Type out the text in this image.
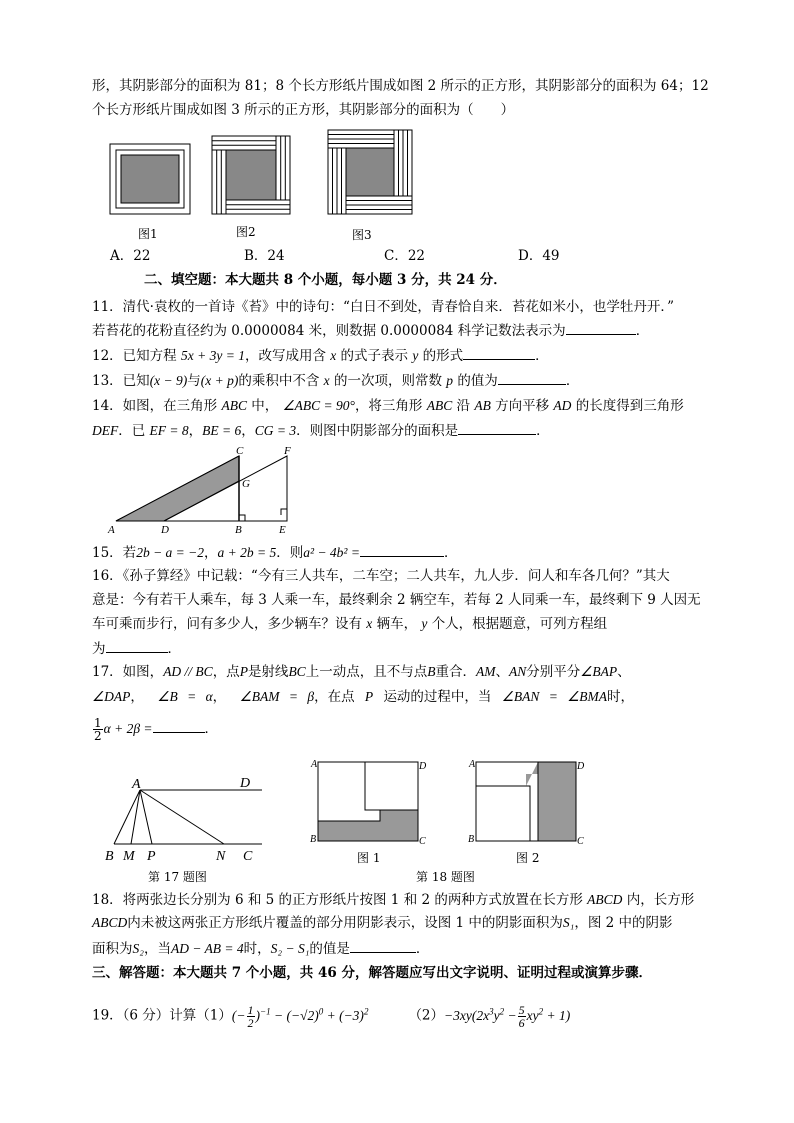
形，其阴影部分的面积为 81；8 个长方形纸片围成如图 2 所示的正方形，其阴影部分的面积为 64；12
个长方形纸片围成如图 3 所示的正方形，其阴影部分的面积为（　　）
图1	图2	图3
A．22	B．24	C．22	D．49
二、填空题：本大题共 8 个小题，每小题 3 分，共 24 分．
11．清代·袁枚的一首诗《苔》中的诗句：“白日不到处，青春恰自来．苔花如米小，也学牡丹开．”
若苔花的花粉直径约为 0.0000084 米，则数据 0.0000084 科学记数法表示为	．
12．已知方程 5x + 3y = 1，改写成用含 x 的式子表示 y 的形式	．
13．已知(x − 9)与(x + p)的乘积中不含 x 的一次项，则常数 p 的值为	．
14．如图，在三角形 ABC 中， ∠ABC = 90°，将三角形 ABC 沿 AB 方向平移 AD 的长度得到三角形
DEF．已 EF = 8，BE = 6，CG = 3．则图中阴影部分的面积是	．
A	D	B	E
C	F
G
15．若2b − a = −2，a + 2b = 5．则a² − 4b² =	．
16．《孙子算经》中记载：“今有三人共车，二车空；二人共车，九人步．问人和车各几何？”其大
意是：今有若干人乘车，每 3 人乘一车，最终剩余 2 辆空车，若每 2 人同乘一车，最终剩下 9 人因无
车可乘而步行，问有多少人，多少辆车？设有 x 辆车， y 个人，根据题意，可列方程组
为	．
17．如图，AD // BC，点P是射线BC上一动点，且不与点B重合．AM、AN分别平分∠BAP、
∠DAP，  ∠B = α，  ∠BAM = β，在点 P 运动的过程中，当 ∠BAN = ∠BMA时，
$\frac{1}{2}$ α + 2β =	．
A	D
B M P	N C
第 17 题图
A	D
B	C
图 1
A	D
B	C
图 2
第 18 题图
18．将两张边长分别为 6 和 5 的正方形纸片按图 1 和 2 的两种方式放置在长方形 ABCD 内，长方形
ABCD内未被这两张正方形纸片覆盖的部分用阴影表示，设图 1 中的阴影面积为S₁，图 2 中的阴影
面积为S₂，当AD − AB = 4时，S₂ − S₁的值是	．
三、解答题：本大题共 7 个小题，共 46 分，解答题应写出文字说明、证明过程或演算步骤．
19．（6 分）计算$(1)(- \frac{1}{2} )^{-1} - (-√2)^0 + (-3)^2$	$(2)-3xy(2x^3y^2 - \frac{5}{6} xy^2 + 1)$
